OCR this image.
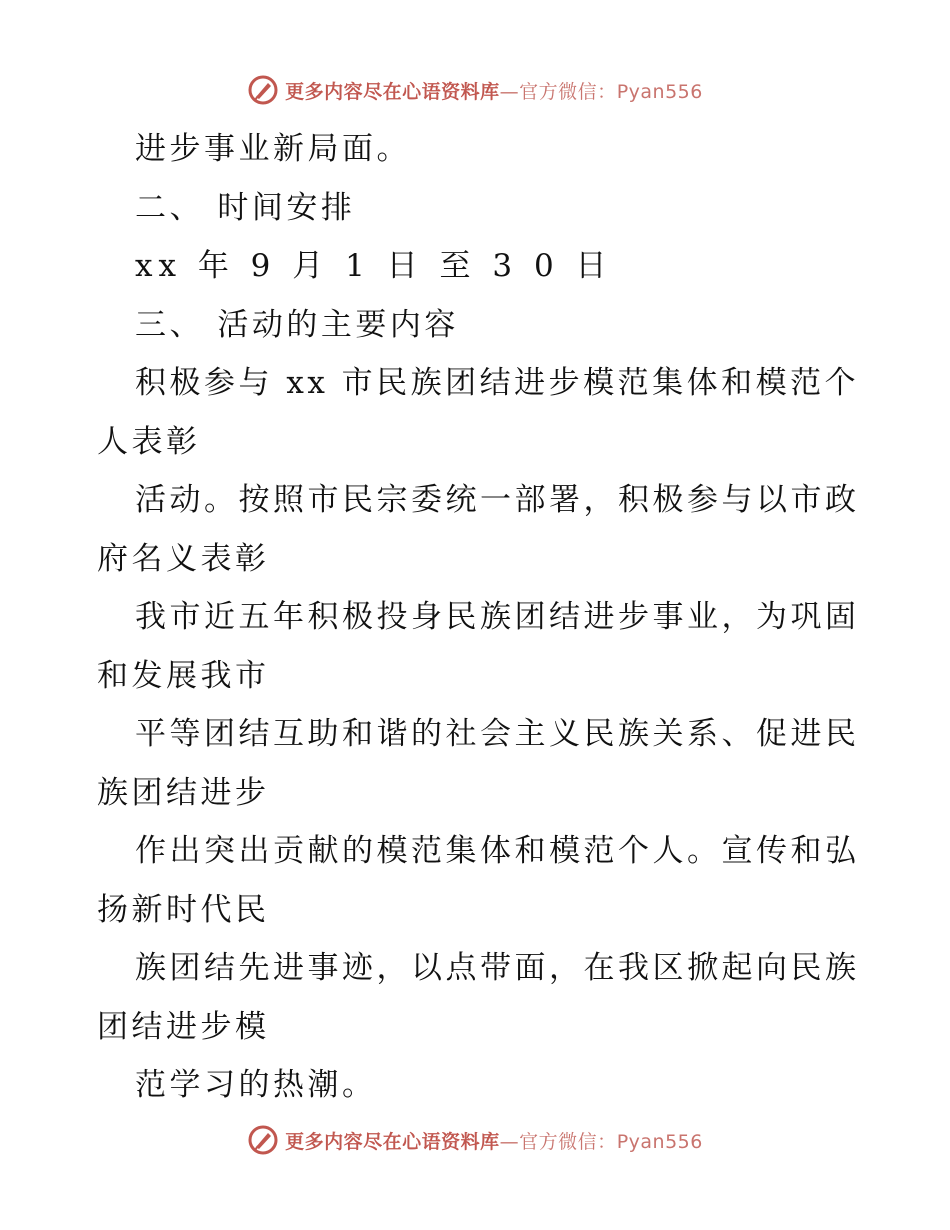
更多内容尽在心语资料库—官方微信：Pyan556
进步事业新局面。
二、 时间安排
xx 年 9 月 1 日 至 3 0 日
三、 活动的主要内容
积极参与 xx 市民族团结进步模范集体和模范个
人表彰
活动。按照市民宗委统一部署，积极参与以市政
府名义表彰
我市近五年积极投身民族团结进步事业，为巩固
和发展我市
平等团结互助和谐的社会主义民族关系、促进民
族团结进步
作出突出贡献的模范集体和模范个人。宣传和弘
扬新时代民
族团结先进事迹，以点带面，在我区掀起向民族
团结进步模
范学习的热潮。
更多内容尽在心语资料库—官方微信：Pyan556
